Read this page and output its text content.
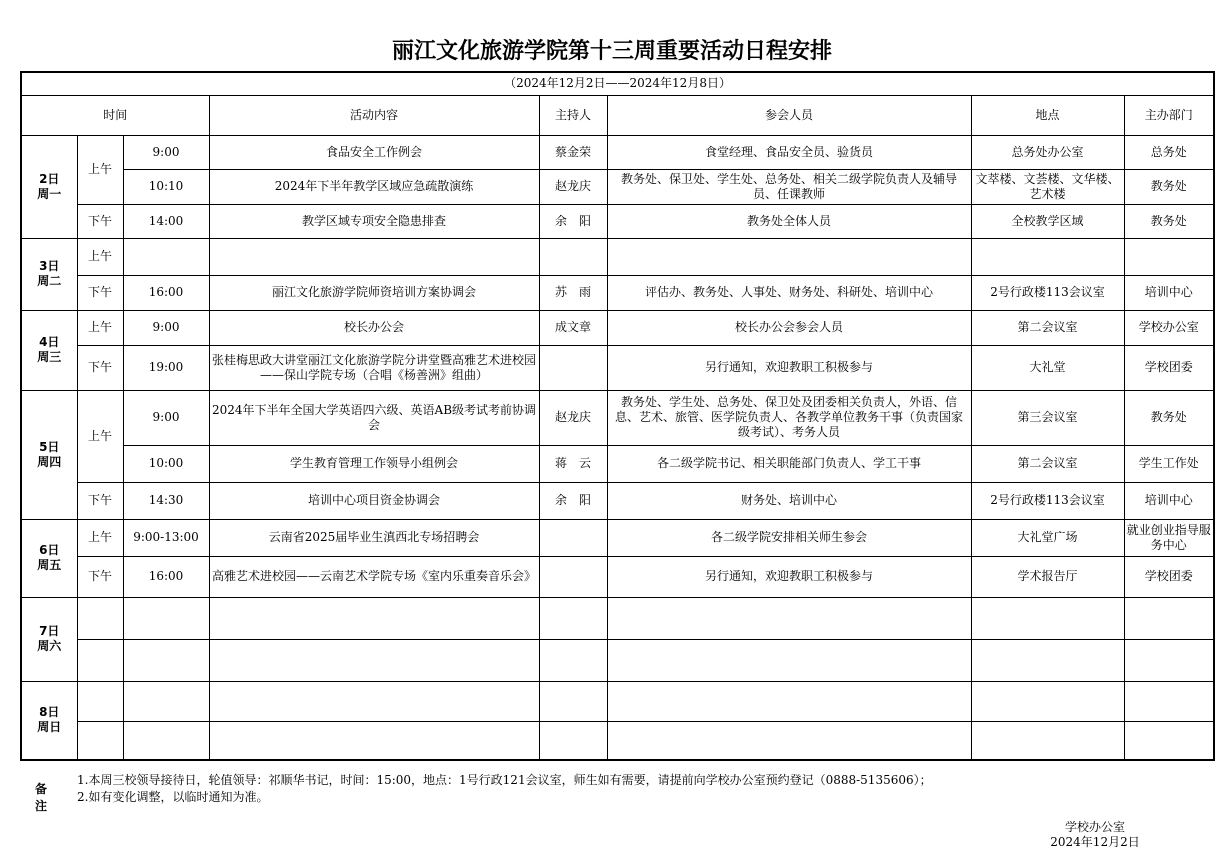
丽江文化旅游学院第十三周重要活动日程安排
（2024年12月2日——2024年12月8日）							
时间			活动内容	主持人	参会人员	地点	主办部门

2日
周一	上午	9:00	食品安全工作例会	蔡金荣	食堂经理、食品安全员、验货员	总务处办公室	总务处
		10:10	2024年下半年教学区域应急疏散演练	赵龙庆	教务处、保卫处、学生处、总务处、相关二级学院负责人及辅导员、任课教师	文萃楼、文荟楼、文华楼、艺术楼	教务处
	下午	14:00	教学区域专项安全隐患排查	余　阳	教务处全体人员	全校教学区域	教务处

3日
周二	上午						
	下午	16:00	丽江文化旅游学院师资培训方案协调会	苏　雨	评估办、教务处、人事处、财务处、科研处、培训中心	2号行政楼113会议室	培训中心

4日
周三	上午	9:00	校长办公会	成文章	校长办公会参会人员	第二会议室	学校办公室
	下午	19:00	张桂梅思政大讲堂丽江文化旅游学院分讲堂暨高雅艺术进校园——保山学院专场（合唱《杨善洲》组曲）		另行通知，欢迎教职工积极参与	大礼堂	学校团委

5日
周四	上午	9:00	2024年下半年全国大学英语四六级、英语AB级考试考前协调会	赵龙庆	教务处、学生处、总务处、保卫处及团委相关负责人，外语、信息、艺术、旅管、医学院负责人、各教学单位教务干事（负责国家级考试）、考务人员	第三会议室	教务处
		10:00	学生教育管理工作领导小组例会	蒋　云	各二级学院书记、相关职能部门负责人、学工干事	第二会议室	学生工作处
	下午	14:30	培训中心项目资金协调会	余　阳	财务处、培训中心	2号行政楼113会议室	培训中心

6日
周五	上午	9:00-13:00	云南省2025届毕业生滇西北专场招聘会		各二级学院安排相关师生参会	大礼堂广场	就业创业指导服务中心
	下午	16:00	高雅艺术进校园——云南艺术学院专场《室内乐重奏音乐会》		另行通知，欢迎教职工积极参与	学术报告厅	学校团委

7日
周六							

8日
周日							

备注
1.本周三校领导接待日，轮值领导：祁顺华书记，时间：15:00，地点：1号行政121会议室，师生如有需要，请提前向学校办公室预约登记（0888-5135606）；
2.如有变化调整，以临时通知为准。
学校办公室
2024年12月2日
